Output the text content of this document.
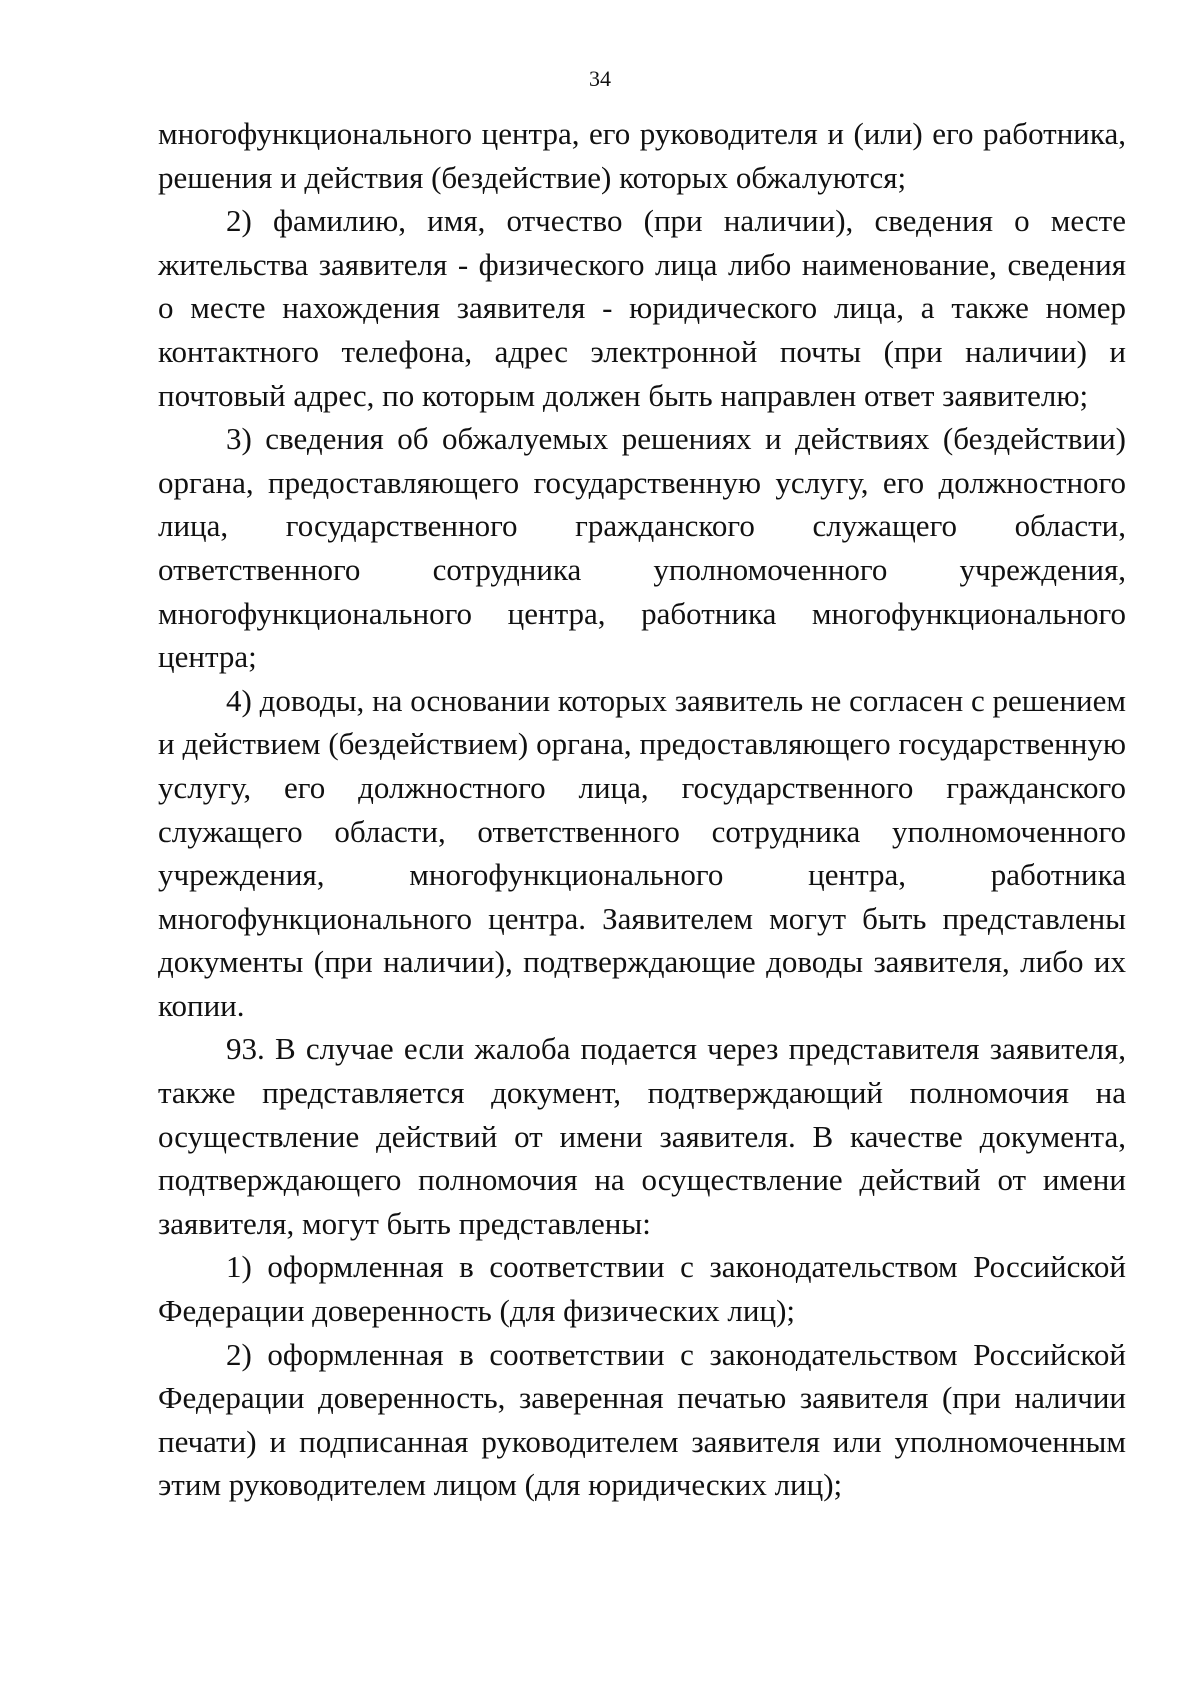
34

многофункционального центра, его руководителя и (или) его работника, решения и действия (бездействие) которых обжалуются;

2) фамилию, имя, отчество (при наличии), сведения о месте жительства заявителя - физического лица либо наименование, сведения о месте нахождения заявителя - юридического лица, а также номер контактного телефона, адрес электронной почты (при наличии) и почтовый адрес, по которым должен быть направлен ответ заявителю;

3) сведения об обжалуемых решениях и действиях (бездействии) органа, предоставляющего государственную услугу, его должностного лица, государственного гражданского служащего области, ответственного сотрудника уполномоченного учреждения, многофункционального центра, работника многофункционального центра;

4) доводы, на основании которых заявитель не согласен с решением и действием (бездействием) органа, предоставляющего государственную услугу, его должностного лица, государственного гражданского служащего области, ответственного сотрудника уполномоченного учреждения, многофункционального центра, работника многофункционального центра. Заявителем могут быть представлены документы (при наличии), подтверждающие доводы заявителя, либо их копии.

93. В случае если жалоба подается через представителя заявителя, также представляется документ, подтверждающий полномочия на осуществление действий от имени заявителя. В качестве документа, подтверждающего полномочия на осуществление действий от имени заявителя, могут быть представлены:

1) оформленная в соответствии с законодательством Российской Федерации доверенность (для физических лиц);

2) оформленная в соответствии с законодательством Российской Федерации доверенность, заверенная печатью заявителя (при наличии печати) и подписанная руководителем заявителя или уполномоченным этим руководителем лицом (для юридических лиц);
